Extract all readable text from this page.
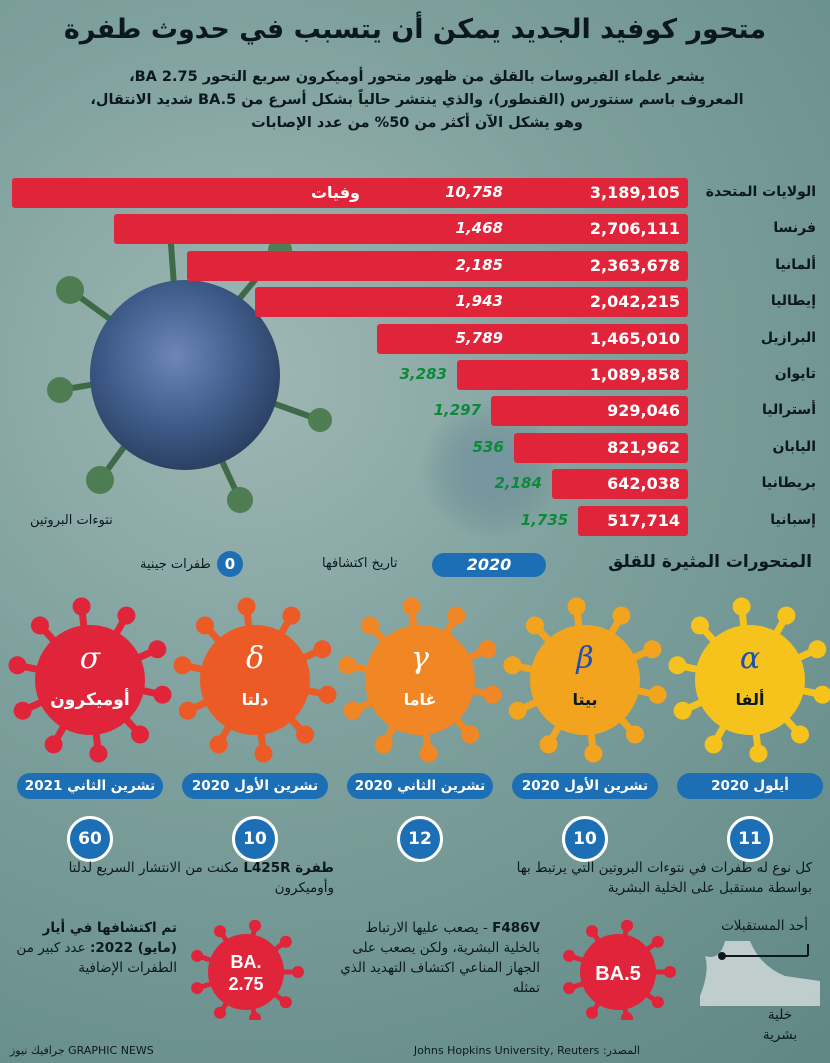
متحور كوفيد الجديد يمكن أن يتسبب في حدوث طفرة
يشعر علماء الفيروسات بالقلق من ظهور متحور أوميكرون سريع التحور BA 2.75،
المعروف باسم سنتورس (القنطور)، والذي ينتشر حالياً بشكل أسرع من BA.5 شديد الانتقال،
وهو يشكل الآن أكثر من 50% من عدد الإصابات
الولايات المتحدة
3,189,105
10,758
فرنسا
2,706,111
1,468
ألمانيا
2,363,678
2,185
إيطاليا
2,042,215
1,943
البرازيل
1,465,010
5,789
تايوان
1,089,858
3,283
أستراليا
929,046
1,297
اليابان
821,962
536
بريطانيا
642,038
2,184
إسبانيا
517,714
1,735
وفيات
نتوءات البروتين
المتحورات المثيرة للقلق
2020
تاريخ اكتشافها
0
طفرات جينية
α
ألفا
β
بيتا
γ
غاما
δ
دلتا
σ
أوميكرون
أيلول 2020
11
تشرين الأول 2020
10
تشرين الثاني 2020
12
تشرين الأول 2020
10
تشرين الثاني 2021
60
كل نوع له طفرات في نتوءات البروتين التي يرتبط بها بواسطة مستقبل على الخلية البشرية
طفرة L425R مكنت من الانتشار السريع لدلتا وأوميكرون
أحد المستقبلات
خلية بشرية
BA.5
F486V - يصعب عليها الارتباط بالخلية البشرية، ولكن يصعب على الجهاز المناعي اكتشاف التهديد الذي تمثله
BA.
2.75
تم اكتشافها في أيار (مايو) 2022: عدد كبير من الطفرات الإضافية
المصدر: Johns Hopkins University, Reuters
GRAPHIC NEWS جرافيك نيوز
